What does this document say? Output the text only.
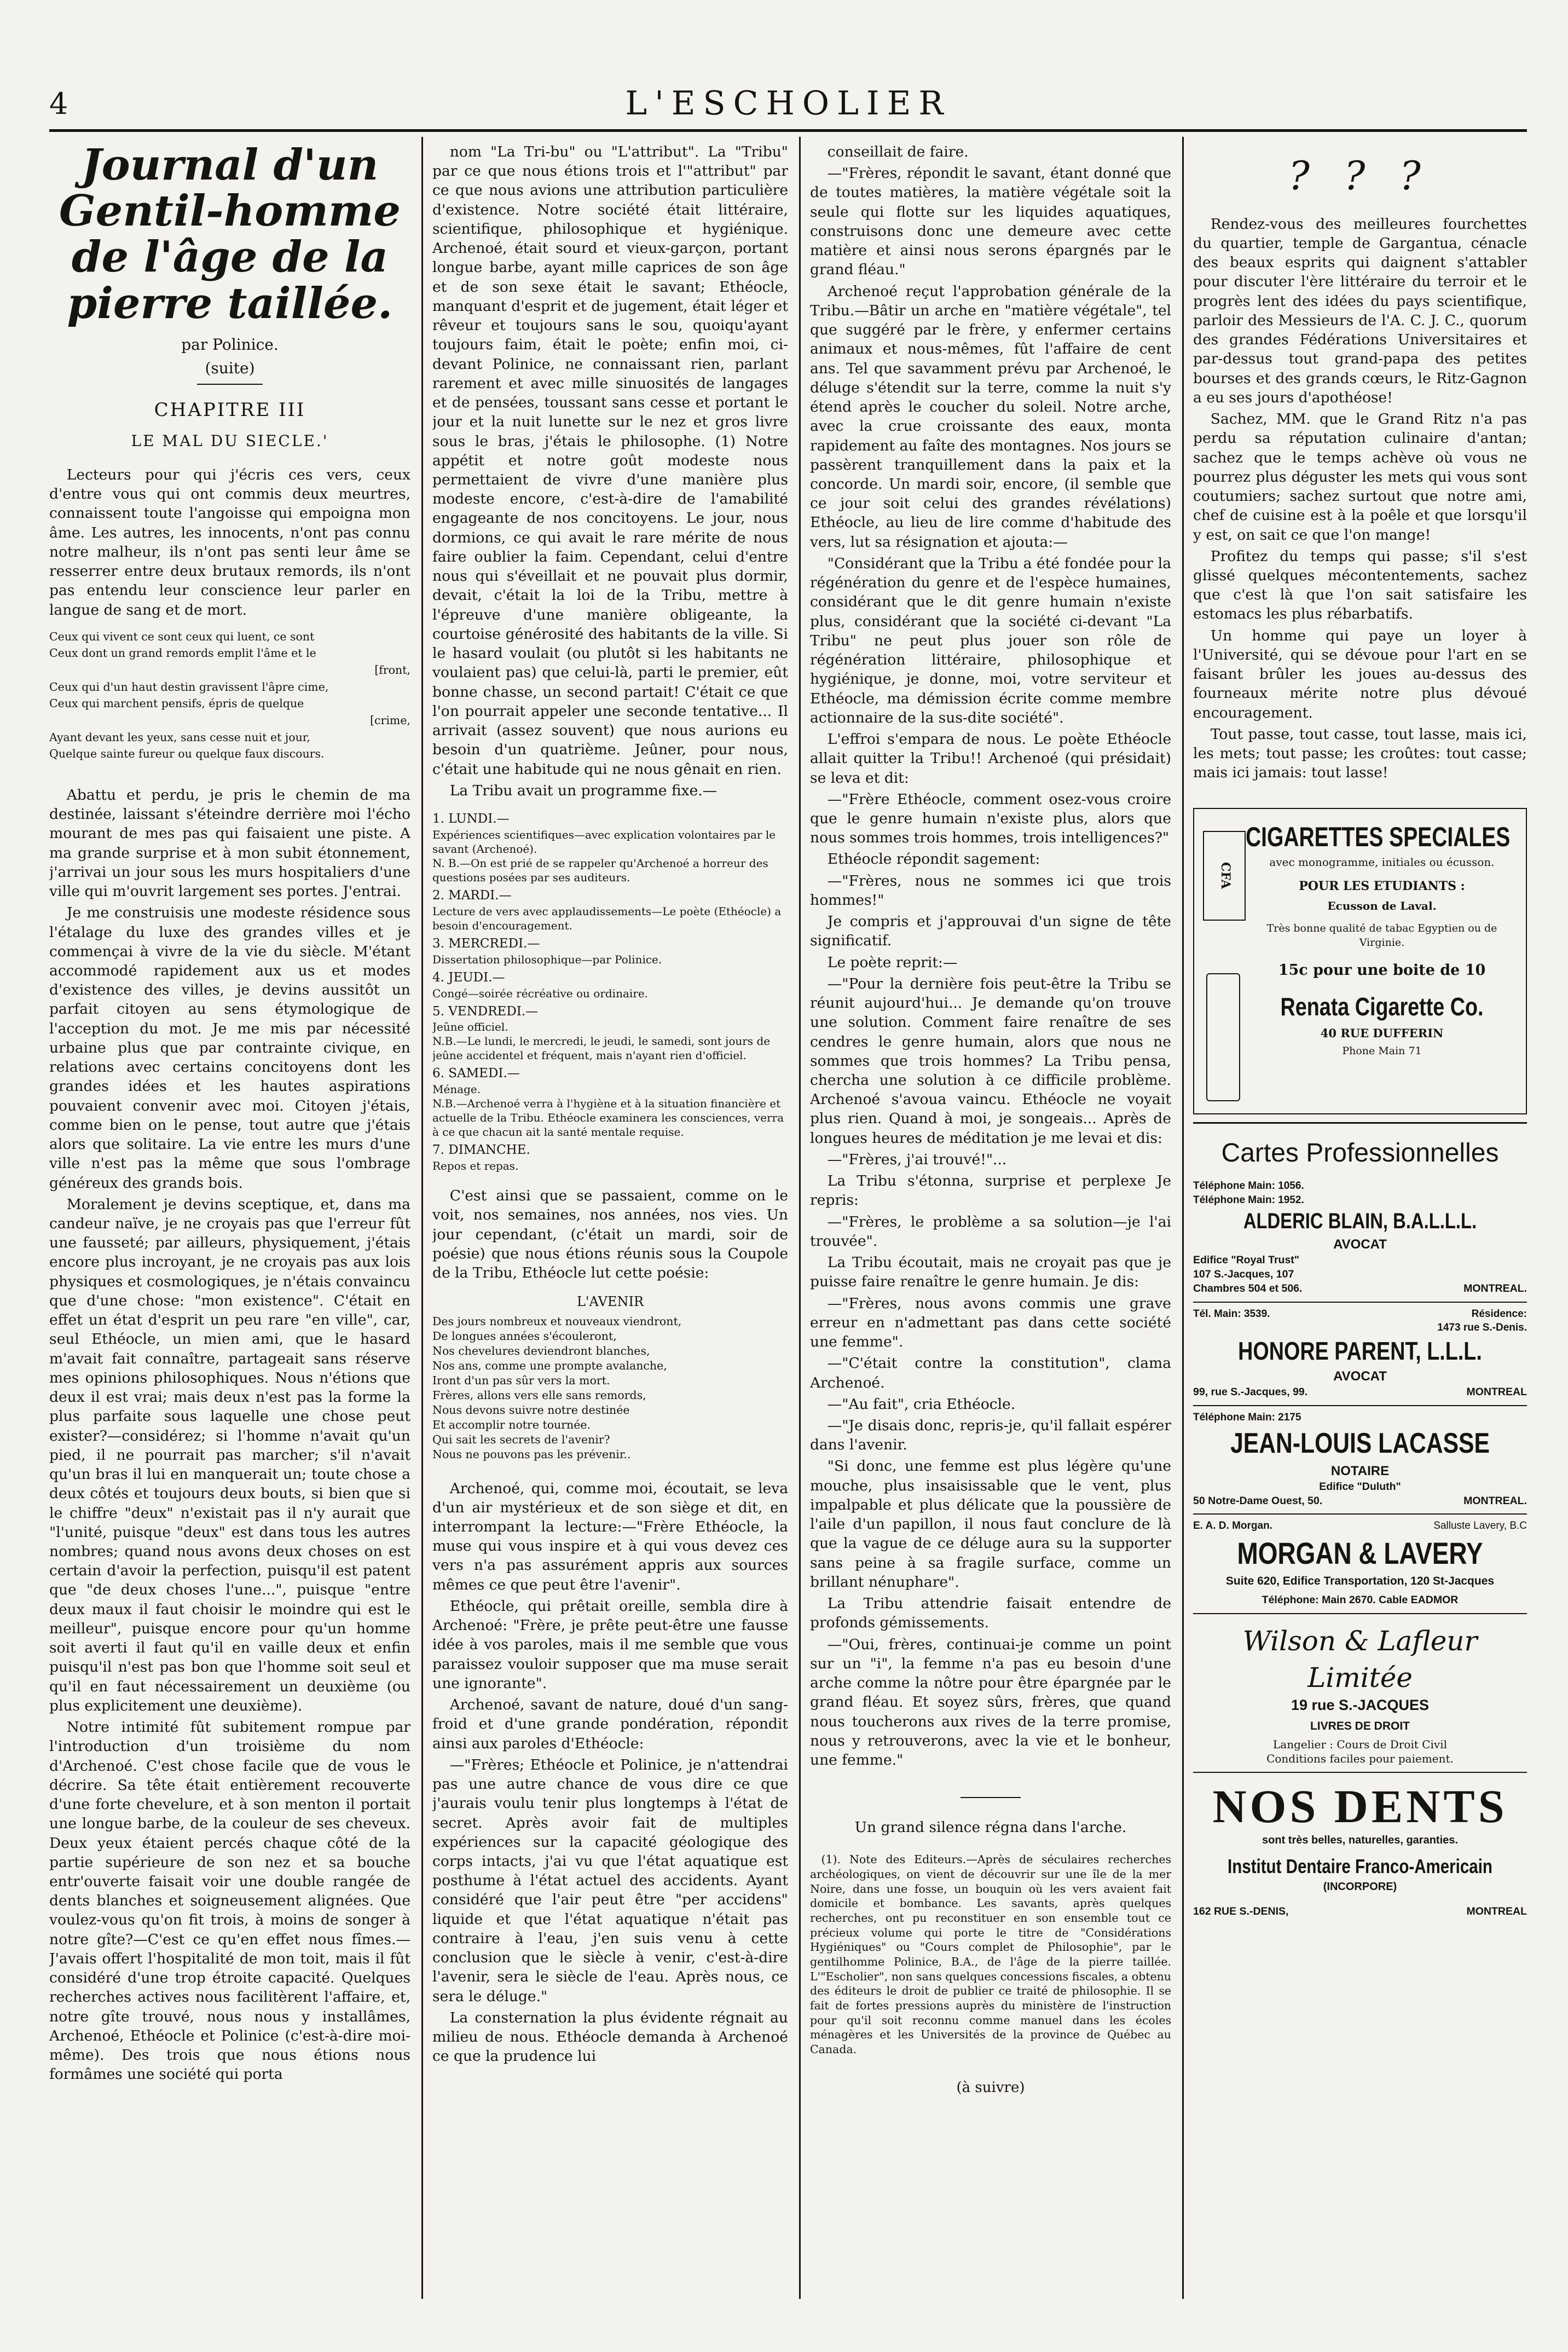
4	L'ESCHOLIER
Journal d'un Gentil-homme de l'âge de la pierre taillée.
par Polinice.
(suite)
CHAPITRE III
LE MAL DU SIECLE.'

Lecteurs pour qui j'écris ces vers, ceux d'entre vous qui ont commis deux meurtres, connaissent toute l'angoisse qui empoigna mon âme. Les autres, les innocents, n'ont pas connu notre malheur, ils n'ont pas senti leur âme se resserrer entre deux brutaux remords, ils n'ont pas entendu leur conscience leur parler en langue de sang et de mort.

Ceux qui vivent ce sont ceux qui luent, ce sont

Ceux dont un grand remords emplit l'âme et le

[front,

Ceux qui d'un haut destin gravissent l'âpre cime,

Ceux qui marchent pensifs, épris de quelque

[crime,

Ayant devant les yeux, sans cesse nuit et jour,

Quelque sainte fureur ou quelque faux discours.

Abattu et perdu, je pris le chemin de ma destinée, laissant s'éteindre derrière moi l'écho mourant de mes pas qui faisaient une piste. A ma grande surprise et à mon subit étonnement, j'arrivai un jour sous les murs hospitaliers d'une ville qui m'ouvrit largement ses portes. J'entrai.

Je me construisis une modeste résidence sous l'étalage du luxe des grandes villes et je commençai à vivre de la vie du siècle. M'étant accommodé rapidement aux us et modes d'existence des villes, je devins aussitôt un parfait citoyen au sens étymologique de l'acception du mot. Je me mis par nécessité urbaine plus que par contrainte civique, en relations avec certains concitoyens dont les grandes idées et les hautes aspirations pouvaient convenir avec moi. Citoyen j'étais, comme bien on le pense, tout autre que j'étais alors que solitaire. La vie entre les murs d'une ville n'est pas la même que sous l'ombrage généreux des grands bois.

Moralement je devins sceptique, et, dans ma candeur naïve, je ne croyais pas que l'erreur fût une fausseté; par ailleurs, physiquement, j'étais encore plus incroyant, je ne croyais pas aux lois physiques et cosmologiques, je n'étais convaincu que d'une chose: "mon existence". C'était en effet un état d'esprit un peu rare "en ville", car, seul Ethéocle, un mien ami, que le hasard m'avait fait connaître, partageait sans réserve mes opinions philosophiques. Nous n'étions que deux il est vrai; mais deux n'est pas la forme la plus parfaite sous laquelle une chose peut exister?—considérez; si l'homme n'avait qu'un pied, il ne pourrait pas marcher; s'il n'avait qu'un bras il lui en manquerait un; toute chose a deux côtés et toujours deux bouts, si bien que si le chiffre "deux" n'existait pas il n'y aurait que "l'unité, puisque "deux" est dans tous les autres nombres; quand nous avons deux choses on est certain d'avoir la perfection, puisqu'il est patent que "de deux choses l'une...", puisque "entre deux maux il faut choisir le moindre qui est le meilleur", puisque encore pour qu'un homme soit averti il faut qu'il en vaille deux et enfin puisqu'il n'est pas bon que l'homme soit seul et qu'il en faut nécessairement un deuxième (ou plus explicitement une deuxième).

Notre intimité fût subitement rompue par l'introduction d'un troisième du nom d'Archenoé. C'est chose facile que de vous le décrire. Sa tête était entièrement recouverte d'une forte chevelure, et à son menton il portait une longue barbe, de la couleur de ses cheveux. Deux yeux étaient percés chaque côté de la partie supérieure de son nez et sa bouche entr'ouverte faisait voir une double rangée de dents blanches et soigneusement alignées. Que voulez-vous qu'on fit trois, à moins de songer à notre gîte?—C'est ce qu'en effet nous fîmes.—J'avais offert l'hospitalité de mon toit, mais il fût considéré d'une trop étroite capacité. Quelques recherches actives nous facilitèrent l'affaire, et, notre gîte trouvé, nous nous y installâmes, Archenoé, Ethéocle et Polinice (c'est-à-dire moi-même). Des trois que nous étions nous formâmes une société qui porta

nom "La Tri-bu" ou "L'attribut". La "Tribu" par ce que nous étions trois et l'"attribut" par ce que nous avions une attribution particulière d'existence. Notre société était littéraire, scientifique, philosophique et hygiénique. Archenoé, était sourd et vieux-garçon, portant longue barbe, ayant mille caprices de son âge et de son sexe était le savant; Ethéocle, manquant d'esprit et de jugement, était léger et rêveur et toujours sans le sou, quoiqu'ayant toujours faim, était le poète; enfin moi, ci-devant Polinice, ne connaissant rien, parlant rarement et avec mille sinuosités de langages et de pensées, toussant sans cesse et portant le jour et la nuit lunette sur le nez et gros livre sous le bras, j'étais le philosophe. (1) Notre appétit et notre goût modeste nous permettaient de vivre d'une manière plus modeste encore, c'est-à-dire de l'amabilité engageante de nos concitoyens. Le jour, nous dormions, ce qui avait le rare mérite de nous faire oublier la faim. Cependant, celui d'entre nous qui s'éveillait et ne pouvait plus dormir, devait, c'était la loi de la Tribu, mettre à l'épreuve d'une manière obligeante, la courtoise générosité des habitants de la ville. Si le hasard voulait (ou plutôt si les habitants ne voulaient pas) que celui-là, parti le premier, eût bonne chasse, un second partait! C'était ce que l'on pourrait appeler une seconde tentative... Il arrivait (assez souvent) que nous aurions eu besoin d'un quatrième. Jeûner, pour nous, c'était une habitude qui ne nous gênait en rien.

La Tribu avait un programme fixe.—

1. LUNDI.—

Expériences scientifiques—avec explication volontaires par le savant (Archenoé).

N. B.—On est prié de se rappeler qu'Archenoé a horreur des questions posées par ses auditeurs.

2. MARDI.—

Lecture de vers avec applaudissements—Le poète (Ethéocle) a besoin d'encouragement.

3. MERCREDI.—

Dissertation philosophique—par Polinice.

4. JEUDI.—

Congé—soirée récréative ou ordinaire.

5. VENDREDI.—

Jeûne officiel.

N.B.—Le lundi, le mercredi, le jeudi, le samedi, sont jours de jeûne accidentel et fréquent, mais n'ayant rien d'officiel.

6. SAMEDI.—

Ménage.

N.B.—Archenoé verra à l'hygiène et à la situation financière et actuelle de la Tribu. Ethéocle examinera les consciences, verra à ce que chacun ait la santé mentale requise.

7. DIMANCHE.

Repos et repas.

C'est ainsi que se passaient, comme on le voit, nos semaines, nos années, nos vies. Un jour cependant, (c'était un mardi, soir de poésie) que nous étions réunis sous la Coupole de la Tribu, Ethéocle lut cette poésie:

L'AVENIR

Des jours nombreux et nouveaux viendront,

De longues années s'écouleront,

Nos chevelures deviendront blanches,

Nos ans, comme une prompte avalanche,

Iront d'un pas sûr vers la mort.

Frères, allons vers elle sans remords,

Nous devons suivre notre destinée

Et accomplir notre tournée.

Qui sait les secrets de l'avenir?

Nous ne pouvons pas les prévenir..

Archenoé, qui, comme moi, écoutait, se leva d'un air mystérieux et de son siège et dit, en interrompant la lecture:—"Frère Ethéocle, la muse qui vous inspire et à qui vous devez ces vers n'a pas assurément appris aux sources mêmes ce que peut être l'avenir".

Ethéocle, qui prêtait oreille, sembla dire à Archenoé: "Frère, je prête peut-être une fausse idée à vos paroles, mais il me semble que vous paraissez vouloir supposer que ma muse serait une ignorante".

Archenoé, savant de nature, doué d'un sang-froid et d'une grande pondération, répondit ainsi aux paroles d'Ethéocle:

—"Frères; Ethéocle et Polinice, je n'attendrai pas une autre chance de vous dire ce que j'aurais voulu tenir plus longtemps à l'état de secret. Après avoir fait de multiples expériences sur la capacité géologique des corps intacts, j'ai vu que l'état aquatique est posthume à l'état actuel des accidents. Ayant considéré que l'air peut être "per accidens" liquide et que l'état aquatique n'était pas contraire à l'eau, j'en suis venu à cette conclusion que le siècle à venir, c'est-à-dire l'avenir, sera le siècle de l'eau. Après nous, ce sera le déluge."

La consternation la plus évidente régnait au milieu de nous. Ethéocle demanda à Archenoé ce que la prudence lui

conseillait de faire.

—"Frères, répondit le savant, étant donné que de toutes matières, la matière végétale soit la seule qui flotte sur les liquides aquatiques, construisons donc une demeure avec cette matière et ainsi nous serons épargnés par le grand fléau."

Archenoé reçut l'approbation générale de la Tribu.—Bâtir un arche en "matière végétale", tel que suggéré par le frère, y enfermer certains animaux et nous-mêmes, fût l'affaire de cent ans. Tel que savamment prévu par Archenoé, le déluge s'étendit sur la terre, comme la nuit s'y étend après le coucher du soleil. Notre arche, avec la crue croissante des eaux, monta rapidement au faîte des montagnes. Nos jours se passèrent tranquillement dans la paix et la concorde. Un mardi soir, encore, (il semble que ce jour soit celui des grandes révélations) Ethéocle, au lieu de lire comme d'habitude des vers, lut sa résignation et ajouta:—

"Considérant que la Tribu a été fondée pour la régénération du genre et de l'espèce humaines, considérant que le dit genre humain n'existe plus, considérant que la société ci-devant "La Tribu" ne peut plus jouer son rôle de régénération littéraire, philosophique et hygiénique, je donne, moi, votre serviteur et Ethéocle, ma démission écrite comme membre actionnaire de la sus-dite société".

L'effroi s'empara de nous. Le poète Ethéocle allait quitter la Tribu!! Archenoé (qui présidait) se leva et dit:

—"Frère Ethéocle, comment osez-vous croire que le genre humain n'existe plus, alors que nous sommes trois hommes, trois intelligences?"

Ethéocle répondit sagement:

—"Frères, nous ne sommes ici que trois hommes!"

Je compris et j'approuvai d'un signe de tête significatif.

Le poète reprit:—

—"Pour la dernière fois peut-être la Tribu se réunit aujourd'hui... Je demande qu'on trouve une solution. Comment faire renaître de ses cendres le genre humain, alors que nous ne sommes que trois hommes? La Tribu pensa, chercha une solution à ce difficile problème. Archenoé s'avoua vaincu. Ethéocle ne voyait plus rien. Quand à moi, je songeais... Après de longues heures de méditation je me levai et dis:

—"Frères, j'ai trouvé!"...

La Tribu s'étonna, surprise et perplexe Je repris:

—"Frères, le problème a sa solution—je l'ai trouvée".

La Tribu écoutait, mais ne croyait pas que je puisse faire renaître le genre humain. Je dis:

—"Frères, nous avons commis une grave erreur en n'admettant pas dans cette société une femme".

—"C'était contre la constitution", clama Archenoé.

—"Au fait", cria Ethéocle.

—"Je disais donc, repris-je, qu'il fallait espérer dans l'avenir.

"Si donc, une femme est plus légère qu'une mouche, plus insaisissable que le vent, plus impalpable et plus délicate que la poussière de l'aile d'un papillon, il nous faut conclure de là que la vague de ce déluge aura su la supporter sans peine à sa fragile surface, comme un brillant nénuphare".

La Tribu attendrie faisait entendre de profonds gémissements.

—"Oui, frères, continuai-je comme un point sur un "i", la femme n'a pas eu besoin d'une arche comme la nôtre pour être épargnée par le grand fléau. Et soyez sûrs, frères, que quand nous toucherons aux rives de la terre promise, nous y retrouverons, avec la vie et le bonheur, une femme."

Un grand silence régna dans l'arche.

(1). Note des Editeurs.—Après de séculaires recherches archéologiques, on vient de découvrir sur une île de la mer Noire, dans une fosse, un bouquin où les vers avaient fait domicile et bombance. Les savants, après quelques recherches, ont pu reconstituer en son ensemble tout ce précieux volume qui porte le titre de "Considérations Hygiéniques" ou "Cours complet de Philosophie", par le gentilhomme Polinice, B.A., de l'âge de la pierre taillée. L'"Escholier", non sans quelques concessions fiscales, a obtenu des éditeurs le droit de publier ce traité de philosophie. Il se fait de fortes pressions auprès du ministère de l'instruction pour qu'il soit reconnu comme manuel dans les écoles ménagères et les Universités de la province de Québec au Canada.

(à suivre)
? ? ?

Rendez-vous des meilleures fourchettes du quartier, temple de Gargantua, cénacle des beaux esprits qui daignent s'attabler pour discuter l'ère littéraire du terroir et le progrès lent des idées du pays scientifique, parloir des Messieurs de l'A. C. J. C., quorum des grandes Fédérations Universitaires et par-dessus tout grand-papa des petites bourses et des grands cœurs, le Ritz-Gagnon a eu ses jours d'apothéose!

Sachez, MM. que le Grand Ritz n'a pas perdu sa réputation culinaire d'antan; sachez que le temps achève où vous ne pourrez plus déguster les mets qui vous sont coutumiers; sachez surtout que notre ami, chef de cuisine est à la poêle et que lorsqu'il y est, on sait ce que l'on mange!

Profitez du temps qui passe; s'il s'est glissé quelques mécontentements, sachez que c'est là que l'on sait satisfaire les estomacs les plus rébarbatifs.

Un homme qui paye un loyer à l'Université, qui se dévoue pour l'art en se faisant brûler les joues au-dessus des fourneaux mérite notre plus dévoué encouragement.

Tout passe, tout casse, tout lasse, mais ici, les mets; tout passe; les croûtes: tout casse; mais ici jamais: tout lasse!

CFA
CIGARETTES SPECIALES
avec monogramme, initiales ou écusson.
POUR LES ETUDIANTS :
Ecusson de Laval.
Très bonne qualité de tabac Egyptien ou de Virginie.
15c pour une boite de 10
Renata Cigarette Co.
40 RUE DUFFERIN
Phone Main 71
Cartes Professionnelles
Téléphone Main: 1056.
Téléphone Main: 1952.
ALDERIC BLAIN, B.A.L.L.L.
AVOCAT
Edifice "Royal Trust"
107 S.-Jacques, 107
Chambres 504 et 506.	MONTREAL.
Tél. Main: 3539.	Résidence:
1473 rue S.-Denis.
HONORE PARENT, L.L.L.
AVOCAT
99, rue S.-Jacques, 99.	MONTREAL
Téléphone Main: 2175
JEAN-LOUIS LACASSE
NOTAIRE
Edifice "Duluth"
50 Notre-Dame Ouest, 50.	MONTREAL.
E. A. D. Morgan.	Salluste Lavery, B.C
MORGAN & LAVERY
Suite 620, Edifice Transportation, 120 St-Jacques
Téléphone: Main 2670. Cable EADMOR
Wilson & Lafleur Limitée
19 rue S.-JACQUES
LIVRES DE DROIT
Langelier : Cours de Droit Civil
Conditions faciles pour paiement.
NOS DENTS
sont très belles, naturelles, garanties.
Institut Dentaire Franco-Americain
(INCORPORE)
162 RUE S.-DENIS,	MONTREAL
